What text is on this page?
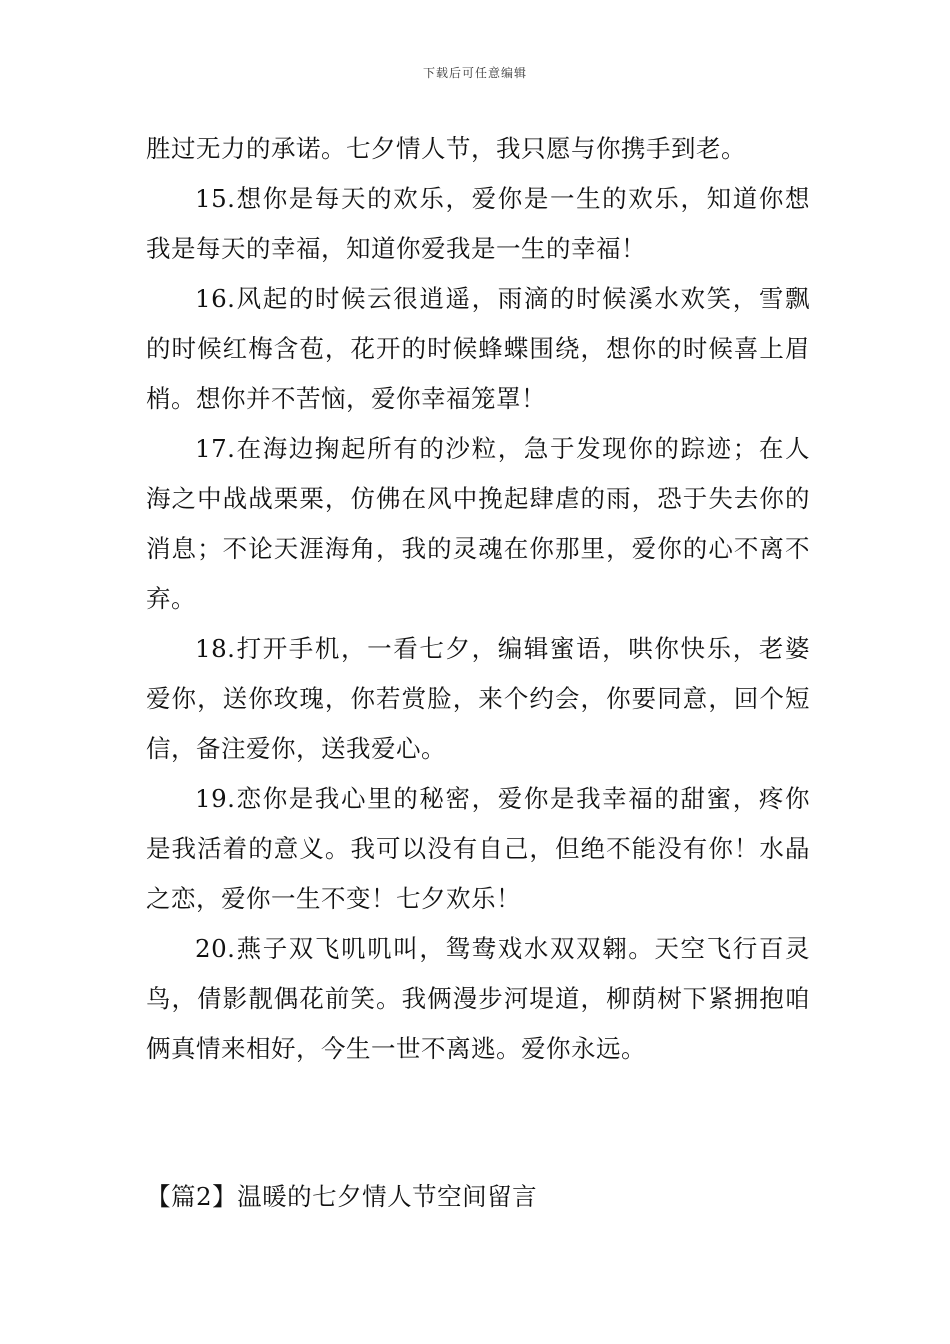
下载后可任意编辑

胜过无力的承诺。七夕情人节，我只愿与你携手到老。

15.想你是每天的欢乐，爱你是一生的欢乐，知道你想我是每天的幸福，知道你爱我是一生的幸福！

16.风起的时候云很逍遥，雨滴的时候溪水欢笑，雪飘的时候红梅含苞，花开的时候蜂蝶围绕，想你的时候喜上眉梢。想你并不苦恼，爱你幸福笼罩！

17.在海边掬起所有的沙粒，急于发现你的踪迹；在人海之中战战栗栗，仿佛在风中挽起肆虐的雨，恐于失去你的消息；不论天涯海角，我的灵魂在你那里，爱你的心不离不弃。

18.打开手机，一看七夕，编辑蜜语，哄你快乐，老婆爱你，送你玫瑰，你若赏脸，来个约会，你要同意，回个短信，备注爱你，送我爱心。

19.恋你是我心里的秘密，爱你是我幸福的甜蜜，疼你是我活着的意义。我可以没有自己，但绝不能没有你！水晶之恋，爱你一生不变！七夕欢乐！

20.燕子双飞叽叽叫，鸳鸯戏水双双翱。天空飞行百灵鸟，倩影靓偶花前笑。我俩漫步河堤道，柳荫树下紧拥抱咱俩真情来相好，今生一世不离逃。爱你永远。

【篇2】温暖的七夕情人节空间留言
